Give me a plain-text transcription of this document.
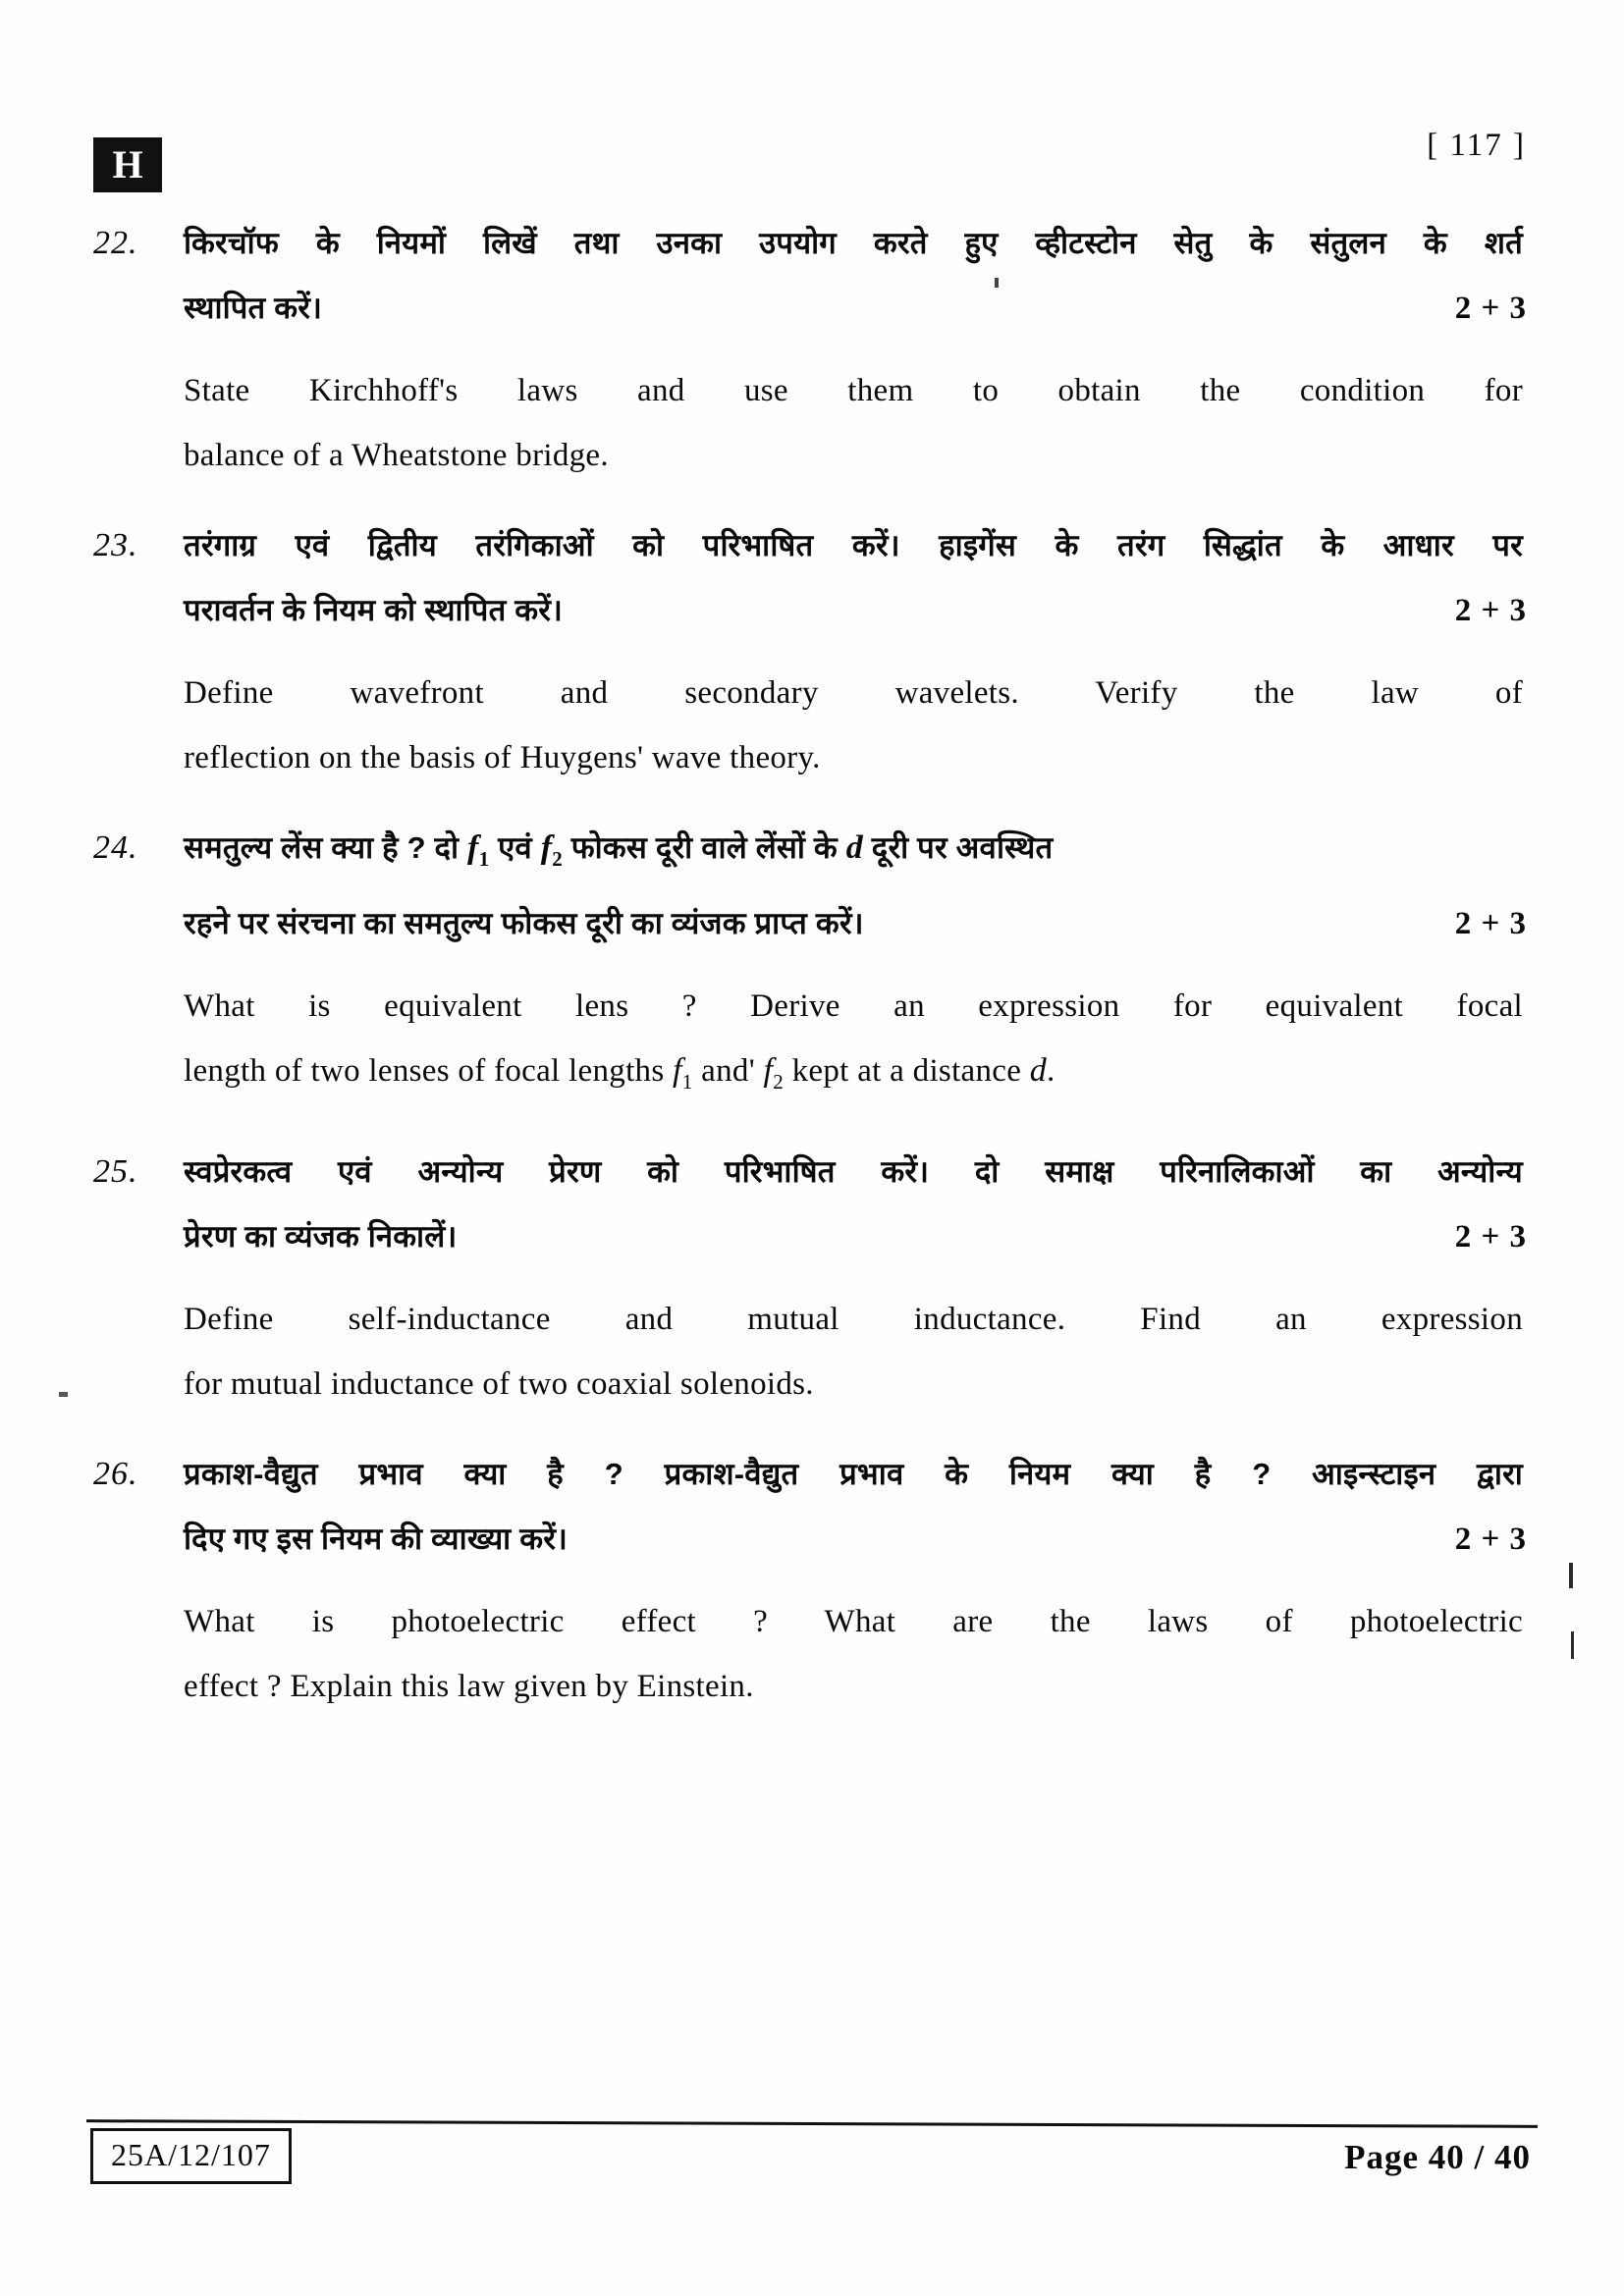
H	[ 117 ]
22.	किरचॉफ के नियमों लिखें तथा उनका उपयोग करते हुए व्हीटस्टोन सेतु के संतुलन के शर्त
स्थापित करें।	2 + 3
State Kirchhoff's laws and use them to obtain the condition for
balance of a Wheatstone bridge.
23.	तरंगाग्र एवं द्वितीय तरंगिकाओं को परिभाषित करें। हाइगेंस के तरंग सिद्धांत के आधार पर
परावर्तन के नियम को स्थापित करें।	2 + 3
Define wavefront and secondary wavelets. Verify the law of
reflection on the basis of Huygens' wave theory.
24.	समतुल्य लेंस क्या है ? दो $f_1$ एवं $f_2$ फोकस दूरी वाले लेंसों के d दूरी पर अवस्थित
रहने पर संरचना का समतुल्य फोकस दूरी का व्यंजक प्राप्त करें।	2 + 3
What is equivalent lens ? Derive an expression for equivalent focal
length of two lenses of focal lengths $f_1$ and' $f_2$ kept at a distance d.
25.	स्वप्रेरकत्व एवं अन्योन्य प्रेरण को परिभाषित करें। दो समाक्ष परिनालिकाओं का अन्योन्य
प्रेरण का व्यंजक निकालें।	2 + 3
Define self-inductance and mutual inductance. Find an expression
for mutual inductance of two coaxial solenoids.
26.	प्रकाश-वैद्युत प्रभाव क्या है ? प्रकाश-वैद्युत प्रभाव के नियम क्या है ? आइन्स्टाइन द्वारा
दिए गए इस नियम की व्याख्या करें।	2 + 3
What is photoelectric effect ? What are the laws of photoelectric
effect ? Explain this law given by Einstein.
25A/12/107	Page 40 / 40
